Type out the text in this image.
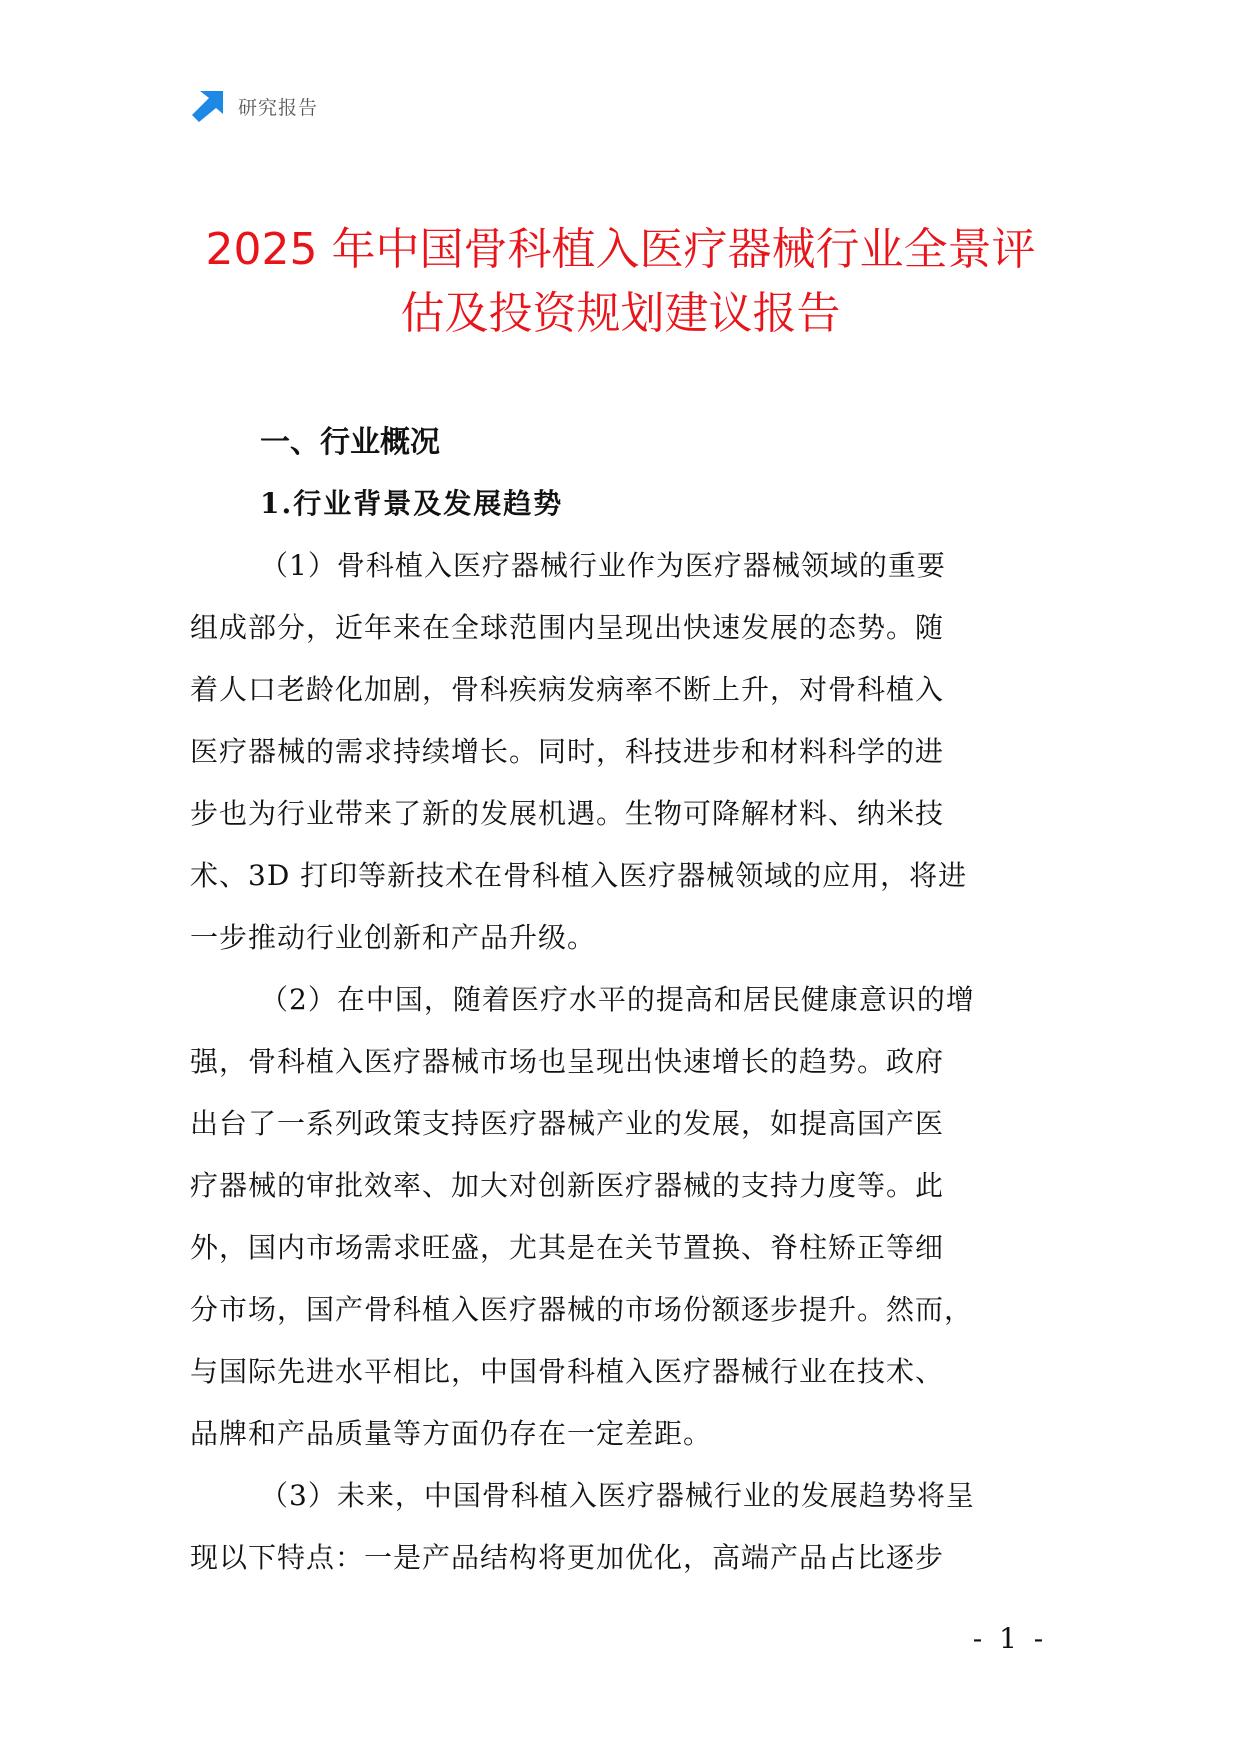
研究报告
2025 年中国骨科植入医疗器械行业全景评
估及投资规划建议报告
一、行业概况
1.行业背景及发展趋势

（1）骨科植入医疗器械行业作为医疗器械领域的重要
组成部分，近年来在全球范围内呈现出快速发展的态势。随
着人口老龄化加剧，骨科疾病发病率不断上升，对骨科植入
医疗器械的需求持续增长。同时，科技进步和材料科学的进
步也为行业带来了新的发展机遇。生物可降解材料、纳米技
术、3D 打印等新技术在骨科植入医疗器械领域的应用，将进
一步推动行业创新和产品升级。

（2）在中国，随着医疗水平的提高和居民健康意识的增
强，骨科植入医疗器械市场也呈现出快速增长的趋势。政府
出台了一系列政策支持医疗器械产业的发展，如提高国产医
疗器械的审批效率、加大对创新医疗器械的支持力度等。此
外，国内市场需求旺盛，尤其是在关节置换、脊柱矫正等细
分市场，国产骨科植入医疗器械的市场份额逐步提升。然而，
与国际先进水平相比，中国骨科植入医疗器械行业在技术、
品牌和产品质量等方面仍存在一定差距。

（3）未来，中国骨科植入医疗器械行业的发展趋势将呈
现以下特点：一是产品结构将更加优化，高端产品占比逐步

- 1 -
